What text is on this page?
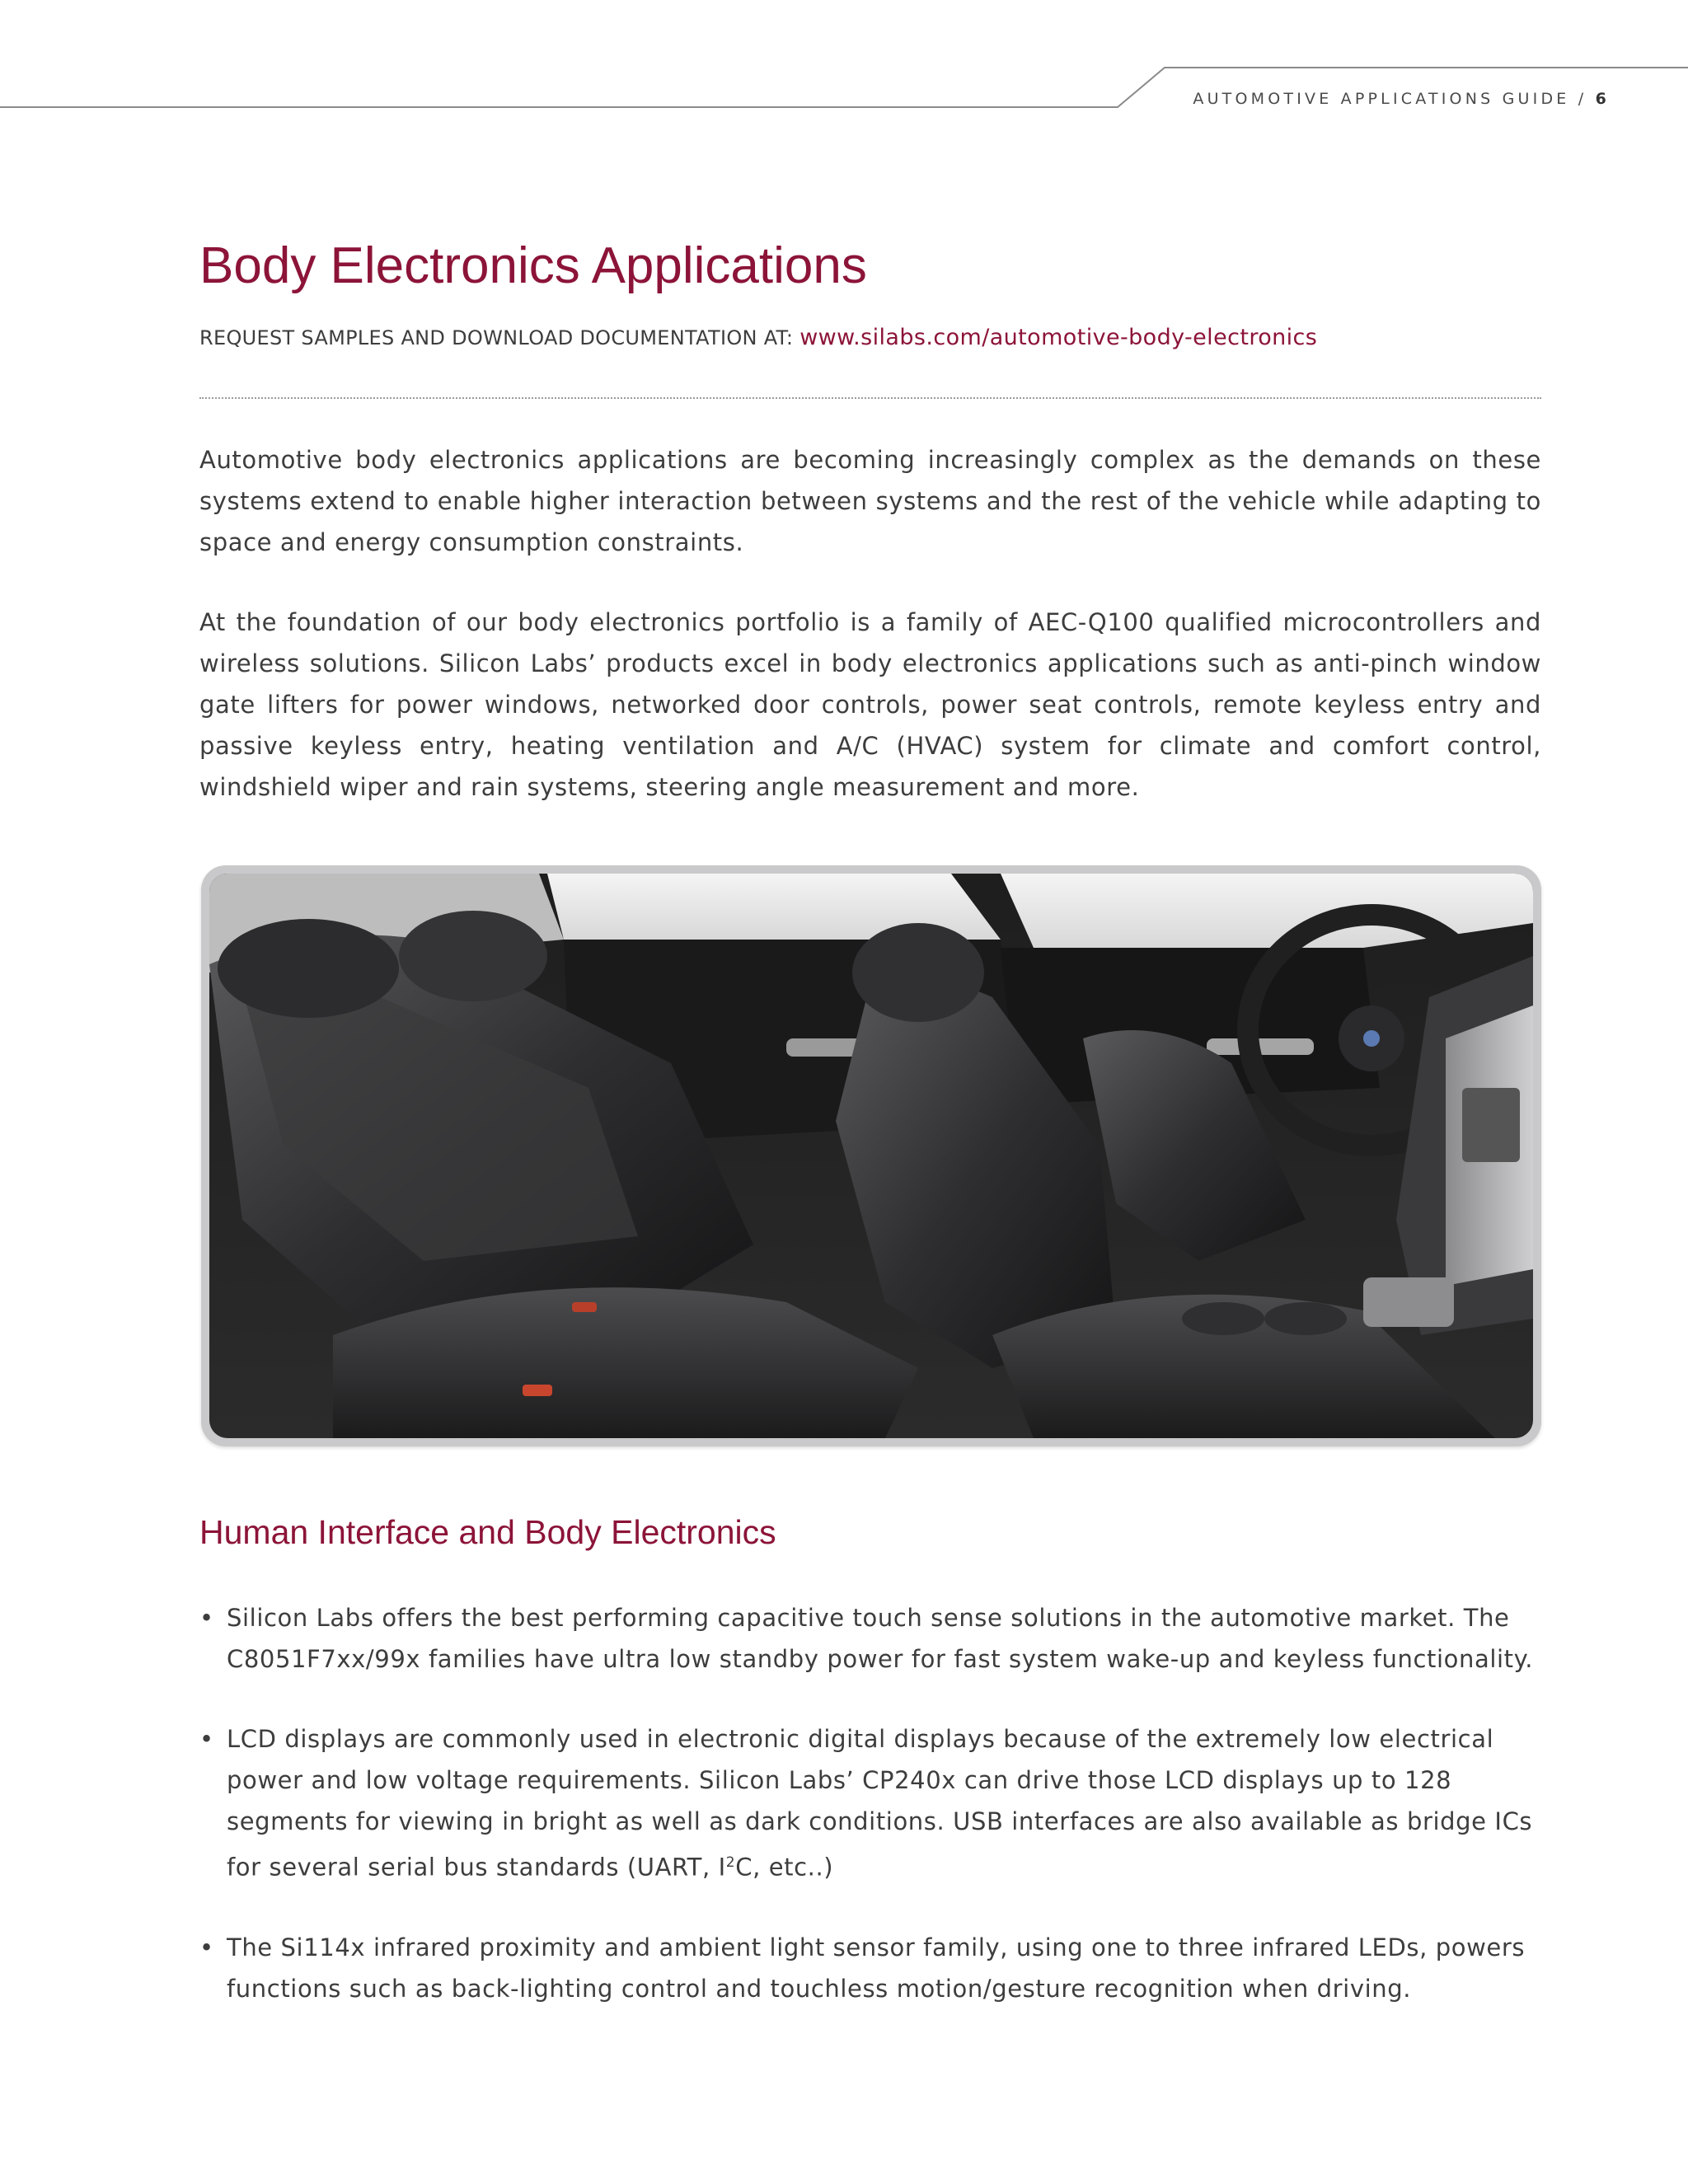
AUTOMOTIVE APPLICATIONS GUIDE / 6
Body Electronics Applications
REQUEST SAMPLES AND DOWNLOAD DOCUMENTATION AT: www.silabs.com/automotive-body-electronics

Automotive body electronics applications are becoming increasingly complex as the demands on these systems extend to enable higher interaction between systems and the rest of the vehicle while adapting to space and energy consumption constraints.

At the foundation of our body electronics portfolio is a family of AEC-Q100 qualified microcontrollers and wireless solutions. Silicon Labs’ products excel in body electronics applications such as anti-pinch window gate lifters for power windows, networked door controls, power seat controls, remote keyless entry and passive keyless entry, heating ventilation and A/C (HVAC) system for climate and comfort control, windshield wiper and rain systems, steering angle measurement and more.

Human Interface and Body Electronics
• Silicon Labs offers the best performing capacitive touch sense solutions in the automotive market. The C8051F7xx/99x families have ultra low standby power for fast system wake-up and keyless functionality.
• LCD displays are commonly used in electronic digital displays because of the extremely low electrical power and low voltage requirements. Silicon Labs’ CP240x can drive those LCD displays up to 128 segments for viewing in bright as well as dark conditions. USB interfaces are also available as bridge ICs for several serial bus standards (UART, $I^2C$, etc..)
• The Si114x infrared proximity and ambient light sensor family, using one to three infrared LEDs, powers functions such as back-lighting control and touchless motion/gesture recognition when driving.
